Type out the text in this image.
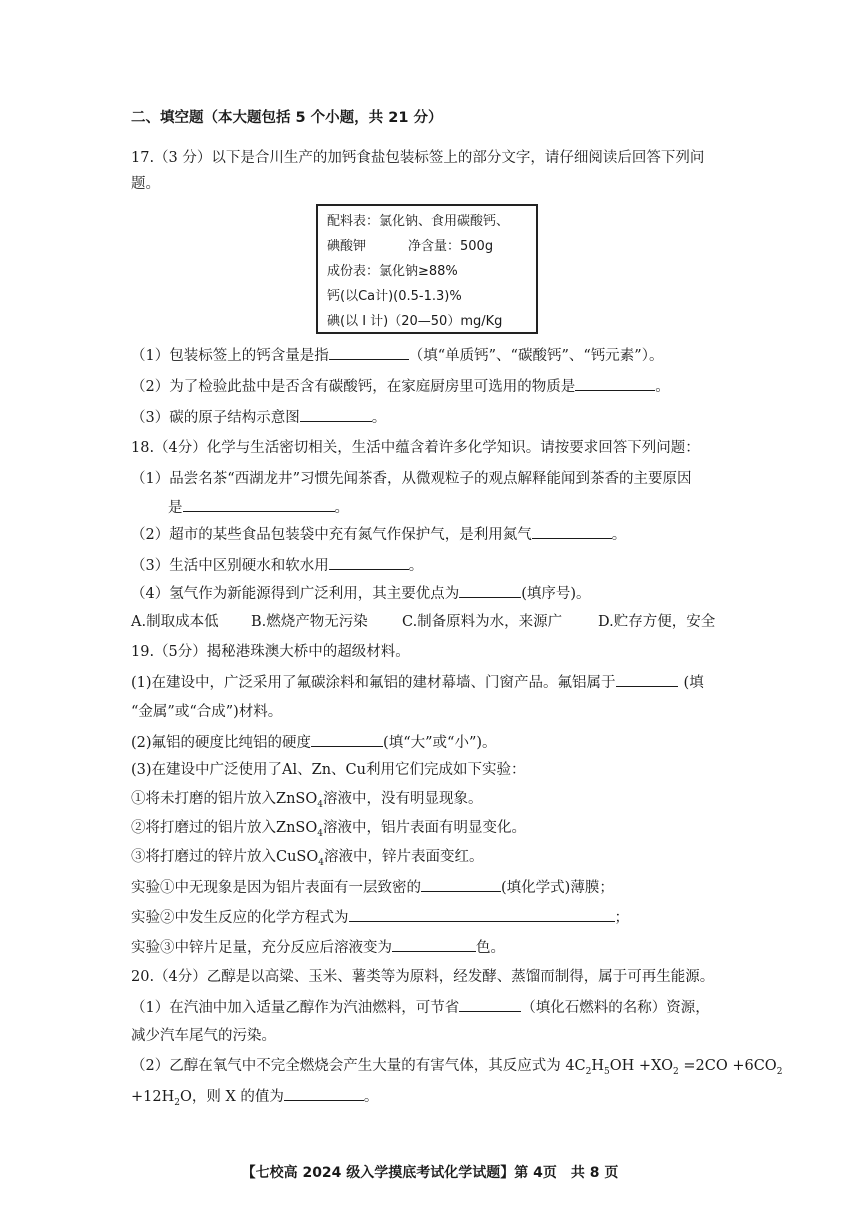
二、填空题（本大题包括 5 个小题，共 21 分）
17.（3 分）以下是合川生产的加钙食盐包装标签上的部分文字，请仔细阅读后回答下列问
题。
配料表：氯化钠、食用碳酸钙、
碘酸钾	净含量：500g
成份表：氯化钠≥88%
钙(以Ca计)(0.5-1.3)%
碘(以 I 计)（20—50）mg/Kg
（1）包装标签上的钙含量是指	（填“单质钙”、“碳酸钙”、“钙元素”）。
（2）为了检验此盐中是否含有碳酸钙，在家庭厨房里可选用的物质是	。
（3）碳的原子结构示意图	。
18.（4分）化学与生活密切相关，生活中蕴含着许多化学知识。请按要求回答下列问题：
（1）品尝名茶“西湖龙井”习惯先闻茶香，从微观粒子的观点解释能闻到茶香的主要原因
是	。
（2）超市的某些食品包装袋中充有氮气作保护气，是利用氮气	。
（3）生活中区别硬水和软水用	。
（4）氢气作为新能源得到广泛利用，其主要优点为	(填序号)。
A.制取成本低 B.燃烧产物无污染 C.制备原料为水，来源广 D.贮存方便，安全
19.（5分）揭秘港珠澳大桥中的超级材料。
(1)在建设中，广泛采用了氟碳涂料和氟铝的建材幕墙、门窗产品。氟铝属于	(填
“金属”或“合成”)材料。
(2)氟铝的硬度比纯铝的硬度	(填“大”或“小”)。
(3)在建设中广泛使用了Al、Zn、Cu利用它们完成如下实验：
①将未打磨的铝片放入ZnSO$_4$溶液中，没有明显现象。
②将打磨过的铝片放入ZnSO$_4$溶液中，铝片表面有明显变化。
③将打磨过的锌片放入CuSO$_4$溶液中，锌片表面变红。
实验①中无现象是因为铝片表面有一层致密的	(填化学式)薄膜；
实验②中发生反应的化学方程式为	；
实验③中锌片足量，充分反应后溶液变为	色。
20.（4分）乙醇是以高粱、玉米、薯类等为原料，经发酵、蒸馏而制得，属于可再生能源。
（1）在汽油中加入适量乙醇作为汽油燃料，可节省	（填化石燃料的名称）资源，
减少汽车尾气的污染。
（2）乙醇在氧气中不完全燃烧会产生大量的有害气体，其反应式为 $4C_2H_5OH +XO_2 =2CO +6CO_2$
$+12H_2O$，则 X 的值为	。
【七校高 2024 级入学摸底考试化学试题】第 4页　共 8 页
